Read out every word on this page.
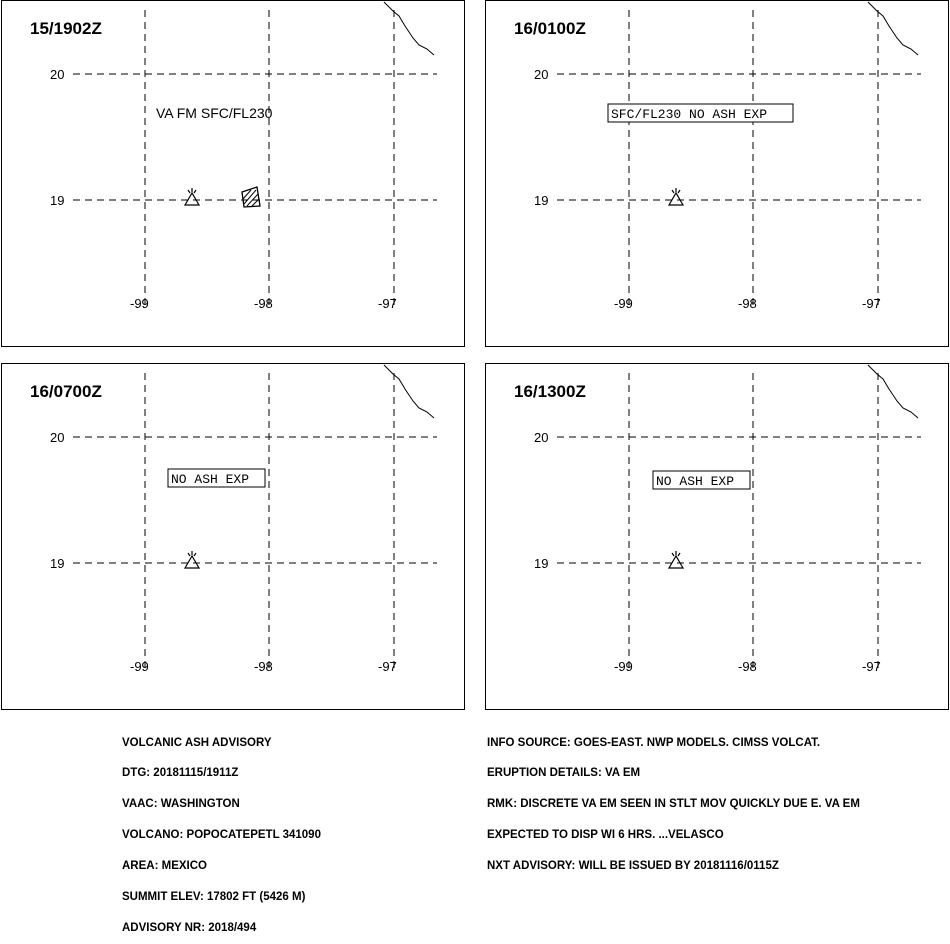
20
19
-99	-98	-97
15/1902Z
VA FM SFC/FL230
20
19
-99	-98	-97
16/0100Z
SFC/FL230 NO ASH EXP
20
19
-99	-98	-97
16/0700Z
NO ASH EXP
20
19
-99	-98	-97
16/1300Z
NO ASH EXP

VOLCANIC ASH ADVISORY

DTG: 20181115/1911Z

VAAC: WASHINGTON

VOLCANO: POPOCATEPETL 341090

AREA: MEXICO

SUMMIT ELEV: 17802 FT (5426 M)

ADVISORY NR: 2018/494

INFO SOURCE: GOES-EAST. NWP MODELS. CIMSS VOLCAT.

ERUPTION DETAILS: VA EM

RMK: DISCRETE VA EM SEEN IN STLT MOV QUICKLY DUE E. VA EM

EXPECTED TO DISP WI 6 HRS. ...VELASCO

NXT ADVISORY: WILL BE ISSUED BY 20181116/0115Z
